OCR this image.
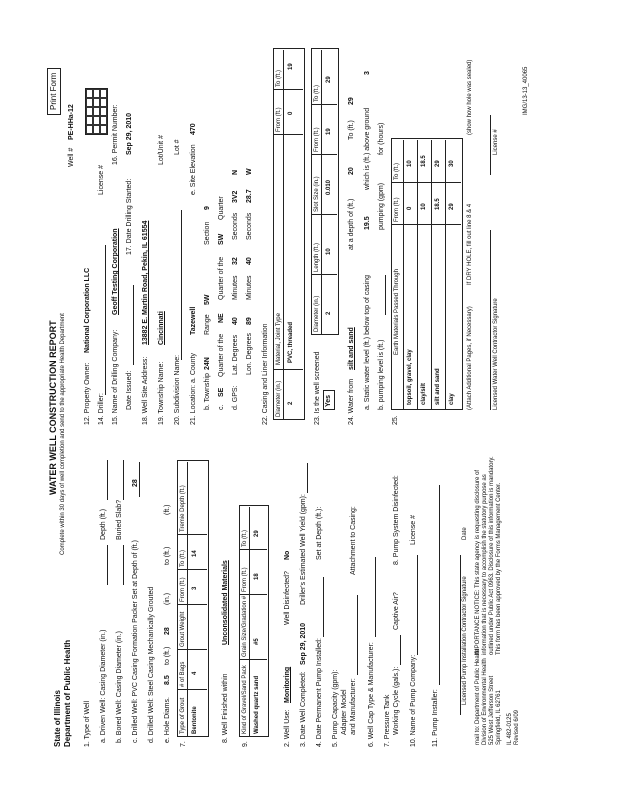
State of Illinois Department of Public Health
WATER WELL CONSTRUCTION REPORT Complete within 30 days of well completion and send to the appropriate Health Department
Print Form
Well #
PE-HHa-12
1. Type of Well a. Driven Well: Casing Diameter (in.)
Depth (ft.)
b. Bored Well: Casing Diameter (in.)
Buried Slab?
c. Drilled Well: PVC Casing Formation Packer Set at Depth of (ft.)
28
d. Drilled Well: Steel Casing Mechanically Grouted e. Hole Diams.
8.5
to (ft.)
28
(in.)
to (ft.)
(ft.)
7.
Type of Grout
# of Bags
Grout Weight
From (ft.)
To (ft.)
Tremie Depth (ft.)
Bentonite
4
3
14
8. Well Finished within
Unconsolidated Materials
9.
Kind of Gravel/Sand Pack
Grain Size/Gradation #
From (ft.)
To (ft.)
Washed quartz sand
#5
18
29
2. Well Use:
Monitoring
Well Disinfected?
No
3. Date Well Completed:
Sep 29, 2010
Driller's Estimated Well Yield (gpm):
4. Date Permanent Pump Installed:
Set at Depth (ft.):
5. Pump Capacity (gpm): Adapter Model and Manufacturer:
Attachment to Casing:
6. Well Cap Type & Manufacturer: 7. Pressure Tank Working Cycle (gals.):
Captive Air?
8. Pump System Disinfected:
10. Name of Pump Company:
License #
11. Pump Installer:
Licensed Pump Installation Contractor Signature
Date
mail to: Department of Public Health
Division of Environmental Health
525 West Jefferson Street
Springfield, IL 62761
IL 482-0125
Revised 6/09
IMPORTANCE NOTICE: This state agency is requesting disclosure of information that is necessary to accomplish the statutory purpose as outlined under Public Act 0963. Disclosure of this information is mandatory. This form has been approved by the Forms Management Center.
12. Property Owner:
National Corporation LLC
14. Driller:
License #
15. Name of Drilling Company:
Geoff Testing Corporation
16. Permit Number:
Date Issued:
17. Date Drilling Started:
Sep 29, 2010
18. Well Site Address:
13882 E. Martin Road, Pekin, IL 61554
19. Township Name:
Cincinnati
Lot/Unit #
20. Subdivision Name:
Lot #
21. Location: a. County
Tazewell
e. Site Elevation
470
b. Township
24N
Range
5W
Section
9
c.
SE
Quarter of the
NE
Quarter of the
SW
Quarter
d. GPS:
Lat. Degrees
40
Minutes
32
Seconds
3V2
N
Lon. Degrees
89
Minutes
40
Seconds
28.7
W
22. Casing and Liner Information Diameter (in.)
Material, Joint Type
From (ft.)
To (ft.)
2
PVC, threaded
0
19
23. Is the well screened Yes
Diameter (in.)
Length (ft.)
Slot Size (in.)
From (ft.)
To (ft.)
2
10
0.010
19
29
24. Water from
silt and sand
at a depth of (ft.)
20
To (ft.)
29
a. Static water level (ft.) below top of casing
19.5
which is (ft.) above ground
3
b. pumping level is (ft.)
pumping (gpm)
for (hours)
25.
Earth Materials Passed Through
From (ft.)
To (ft.)
topsoil, gravel, clay
0
10
clay/silt
10
18.5
silt and sand
18.5
29
clay
29
30
(Attach Additional Pages, if Necessary)
If DRY HOLE, fill out line 8 & 4
(show how hole was sealed)
Licensed Water Well Contractor Signature
License #
IMG/13-13_40065
